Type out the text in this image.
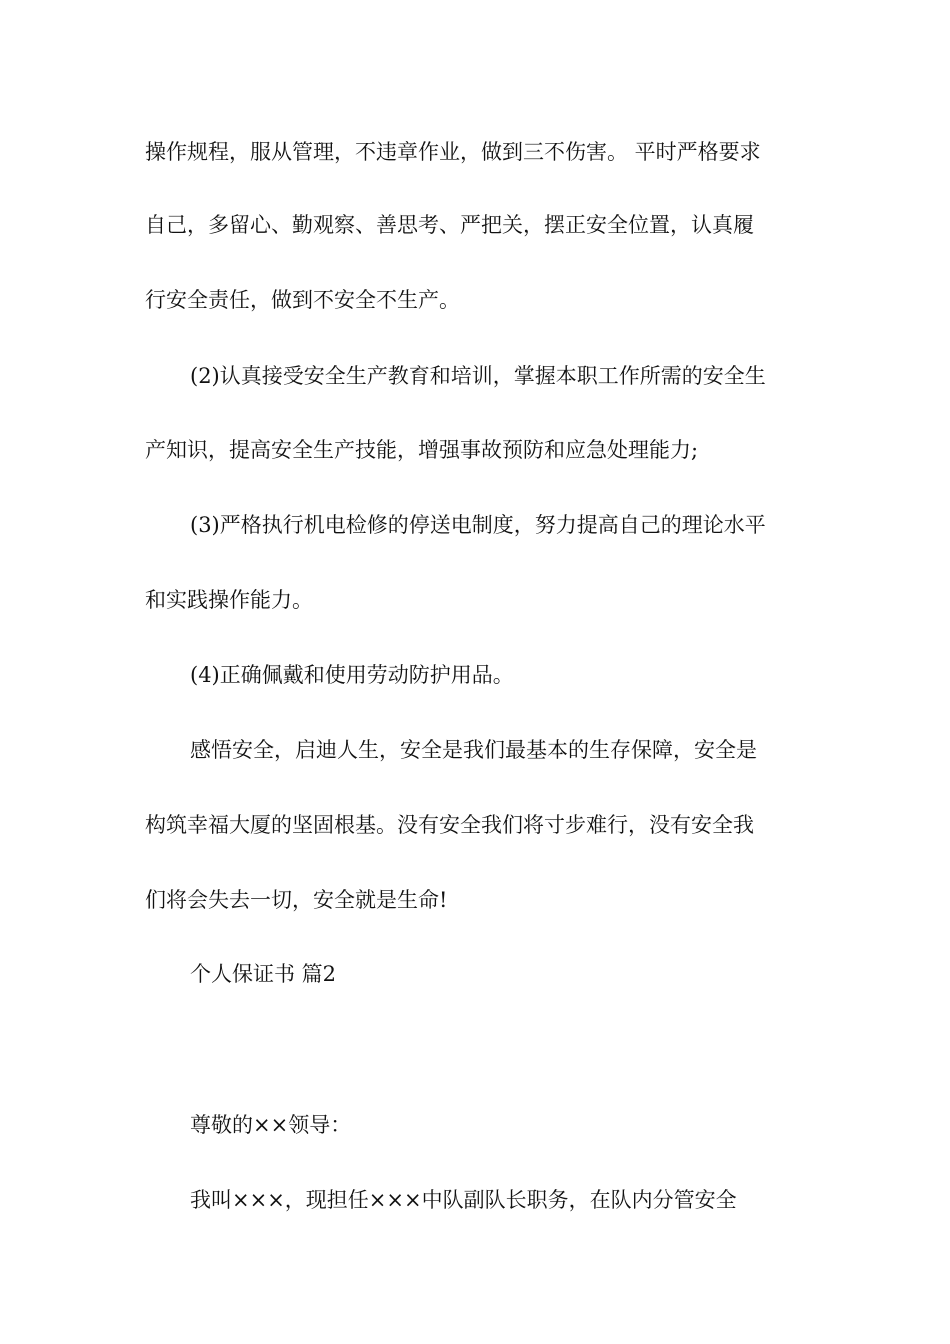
操作规程，服从管理，不违章作业，做到三不伤害。 平时严格要求
自己，多留心、勤观察、善思考、严把关，摆正安全位置，认真履
行安全责任，做到不安全不生产。
(2)认真接受安全生产教育和培训，掌握本职工作所需的安全生
产知识，提高安全生产技能，增强事故预防和应急处理能力;
(3)严格执行机电检修的停送电制度，努力提高自己的理论水平
和实践操作能力。
(4)正确佩戴和使用劳动防护用品。
感悟安全，启迪人生，安全是我们最基本的生存保障，安全是
构筑幸福大厦的坚固根基。没有安全我们将寸步难行，没有安全我
们将会失去一切，安全就是生命!
个人保证书 篇2
尊敬的××领导：
我叫×××，现担任×××中队副队长职务，在队内分管安全
